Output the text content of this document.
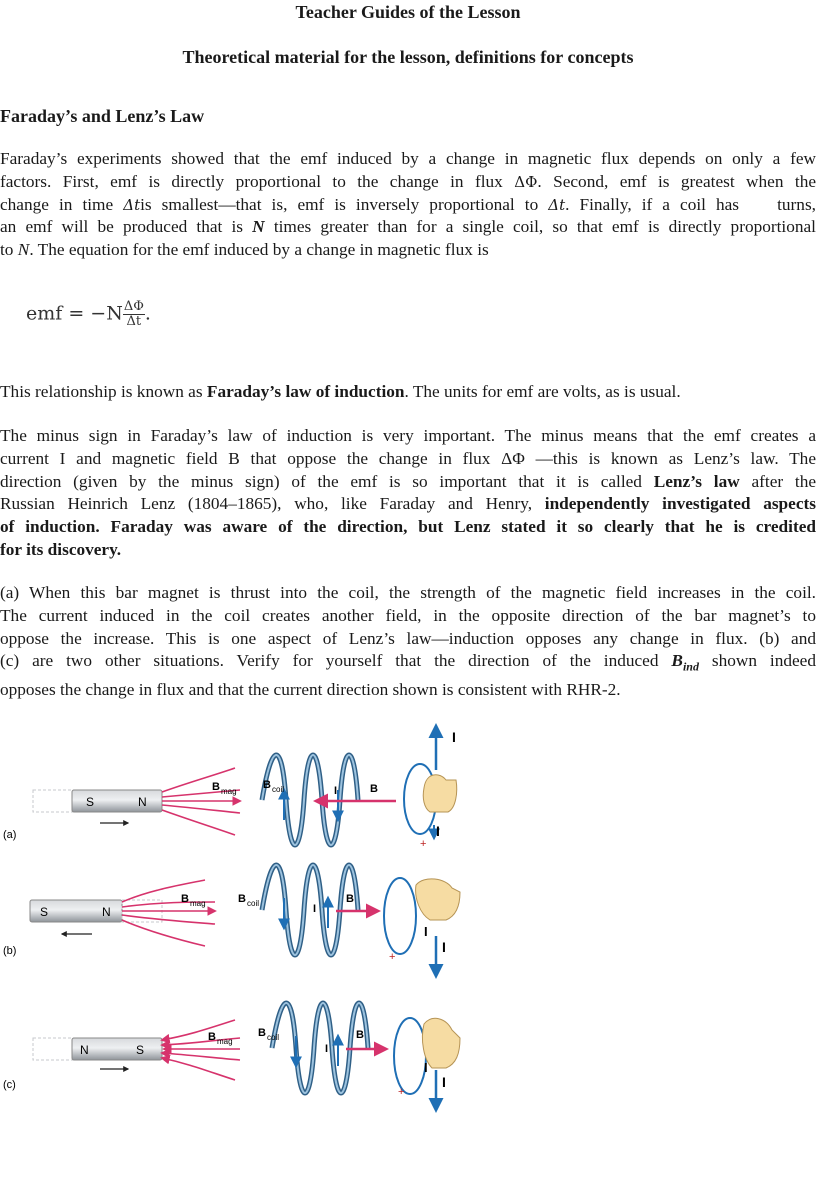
Teacher Guides of the Lesson
Theoretical material for the lesson, definitions for concepts
Faraday’s and Lenz’s Law
Faraday’s experiments showed that the emf induced by a change in magnetic flux depends on only a few
factors. First, emf is directly proportional to the change in flux ΔΦ. Second, emf is greatest when the
change in time Δtis smallest—that is, emf is inversely proportional to Δt. Finally, if a coil has turns,
an emf will be produced that is N times greater than for a single coil, so that emf is directly proportional
to N. The equation for the emf induced by a change in magnetic flux is
emf = $-N \frac{\Delta\Phi}{\Delta t}$ .
This relationship is known as Faraday’s law of induction. The units for emf are volts, as is usual.
The minus sign in Faraday’s law of induction is very important. The minus means that the emf creates a
current I and magnetic field B that oppose the change in flux ΔΦ —this is known as Lenz’s law. The
direction (given by the minus sign) of the emf is so important that it is called Lenz’s law after the
Russian Heinrich Lenz (1804–1865), who, like Faraday and Henry, independently investigated aspects
of induction. Faraday was aware of the direction, but Lenz stated it so clearly that he is credited
for its discovery.
(a) When this bar magnet is thrust into the coil, the strength of the magnetic field increases in the coil.
The current induced in the coil creates another field, in the opposite direction of the bar magnet’s to
oppose the increase. This is one aspect of Lenz’s law—induction opposes any change in flux. (b) and
(c) are two other situations. Verify for yourself that the direction of the induced $B_{ind}$ shown indeed
opposes the change in flux and that the current direction shown is consistent with RHR-2.
S	N
B mag
B coil	I	B
I
I
+
(a)
S	N
B mag	B coil	I
B
I
I
+
(b)
N	S
B mag
B coil
I
B
I
I
+
(c)
